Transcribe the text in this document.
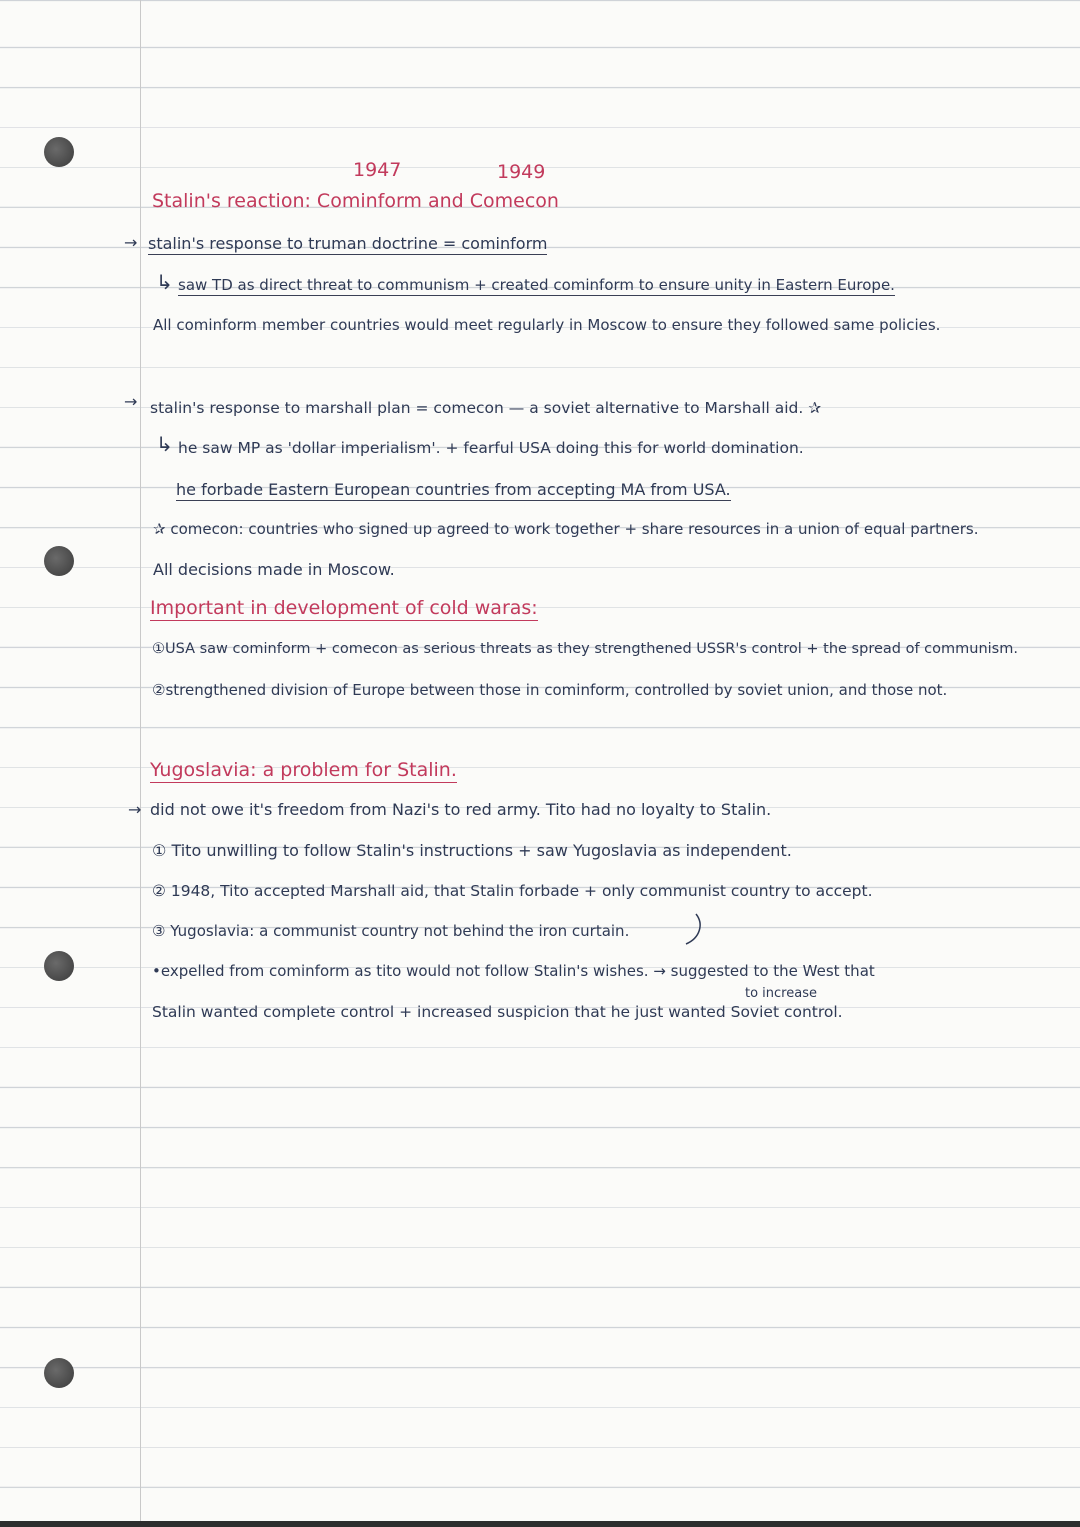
1947	1949
Stalin's reaction: Cominform and Comecon
→ stalin's response to truman doctrine = cominform
↳ saw TD as direct threat to communism + created cominform to ensure unity in Eastern Europe.
All cominform member countries would meet regularly in Moscow to ensure they followed same policies.
→ stalin's response to marshall plan = comecon — a soviet alternative to Marshall aid. ✰
↳ he saw MP as 'dollar imperialism'. + fearful USA doing this for world domination.
he forbade Eastern European countries from accepting MA from USA.
✰ comecon: countries who signed up agreed to work together + share resources in a union of equal partners.
All decisions made in Moscow.
Important in development of cold waras:
①USA saw cominform + comecon as serious threats as they strengthened USSR's control + the spread of communism.
②strengthened division of Europe between those in cominform, controlled by soviet union, and those not.
Yugoslavia: a problem for Stalin.
→ did not owe it's freedom from Nazi's to red army. Tito had no loyalty to Stalin.
① Tito unwilling to follow Stalin's instructions + saw Yugoslavia as independent.
② 1948, Tito accepted Marshall aid, that Stalin forbade + only communist country to accept.
③ Yugoslavia: a communist country not behind the iron curtain.
•expelled from cominform as tito would not follow Stalin's wishes. → suggested to the West that
to increase
Stalin wanted complete control + increased suspicion that he just wanted Soviet control.
